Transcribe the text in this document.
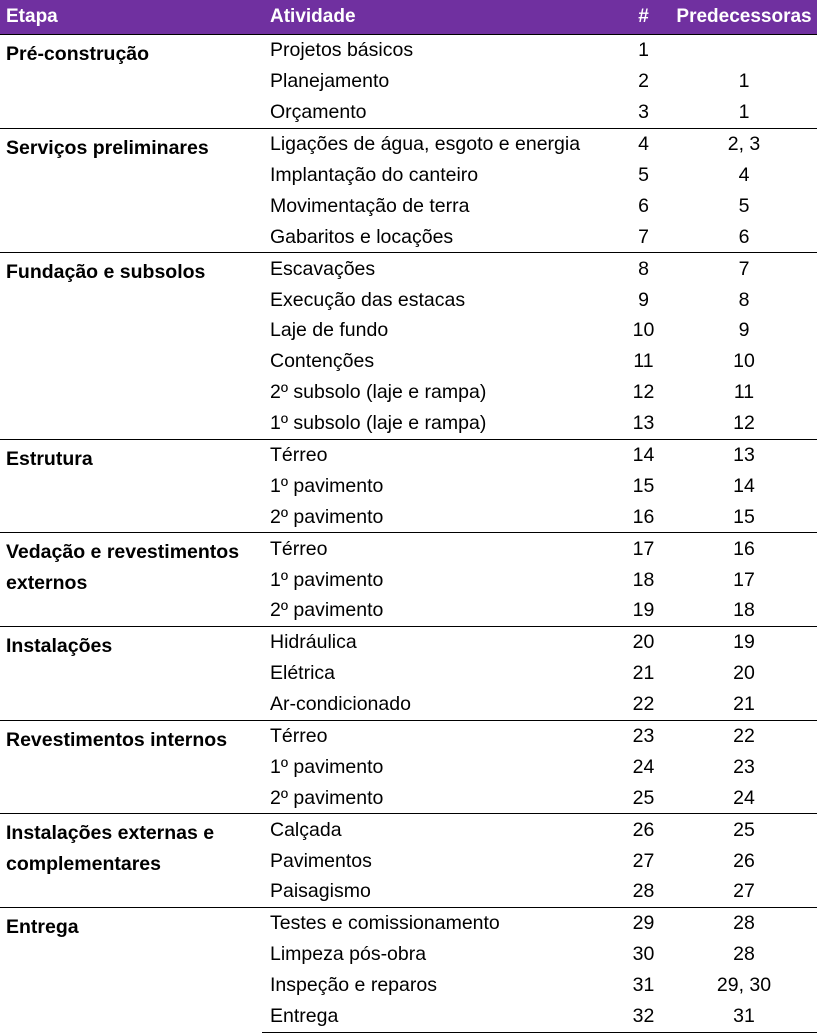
Etapa	Atividade	#	Predecessoras
Pré-construção	Projetos básicos	1	
	Planejamento	2	1
	Orçamento	3	1
Serviços preliminares	Ligações de água, esgoto e energia	4	2, 3
	Implantação do canteiro	5	4
	Movimentação de terra	6	5
	Gabaritos e locações	7	6
Fundação e subsolos	Escavações	8	7
	Execução das estacas	9	8
	Laje de fundo	10	9
	Contenções	11	10
	2º subsolo (laje e rampa)	12	11
	1º subsolo (laje e rampa)	13	12
Estrutura	Térreo	14	13
	1º pavimento	15	14
	2º pavimento	16	15
Vedação e revestimentos externos	Térreo	17	16
	1º pavimento	18	17
	2º pavimento	19	18
Instalações	Hidráulica	20	19
	Elétrica	21	20
	Ar-condicionado	22	21
Revestimentos internos	Térreo	23	22
	1º pavimento	24	23
	2º pavimento	25	24
Instalações externas e complementares	Calçada	26	25
	Pavimentos	27	26
	Paisagismo	28	27
Entrega	Testes e comissionamento	29	28
	Limpeza pós-obra	30	28
	Inspeção e reparos	31	29, 30
	Entrega	32	31
